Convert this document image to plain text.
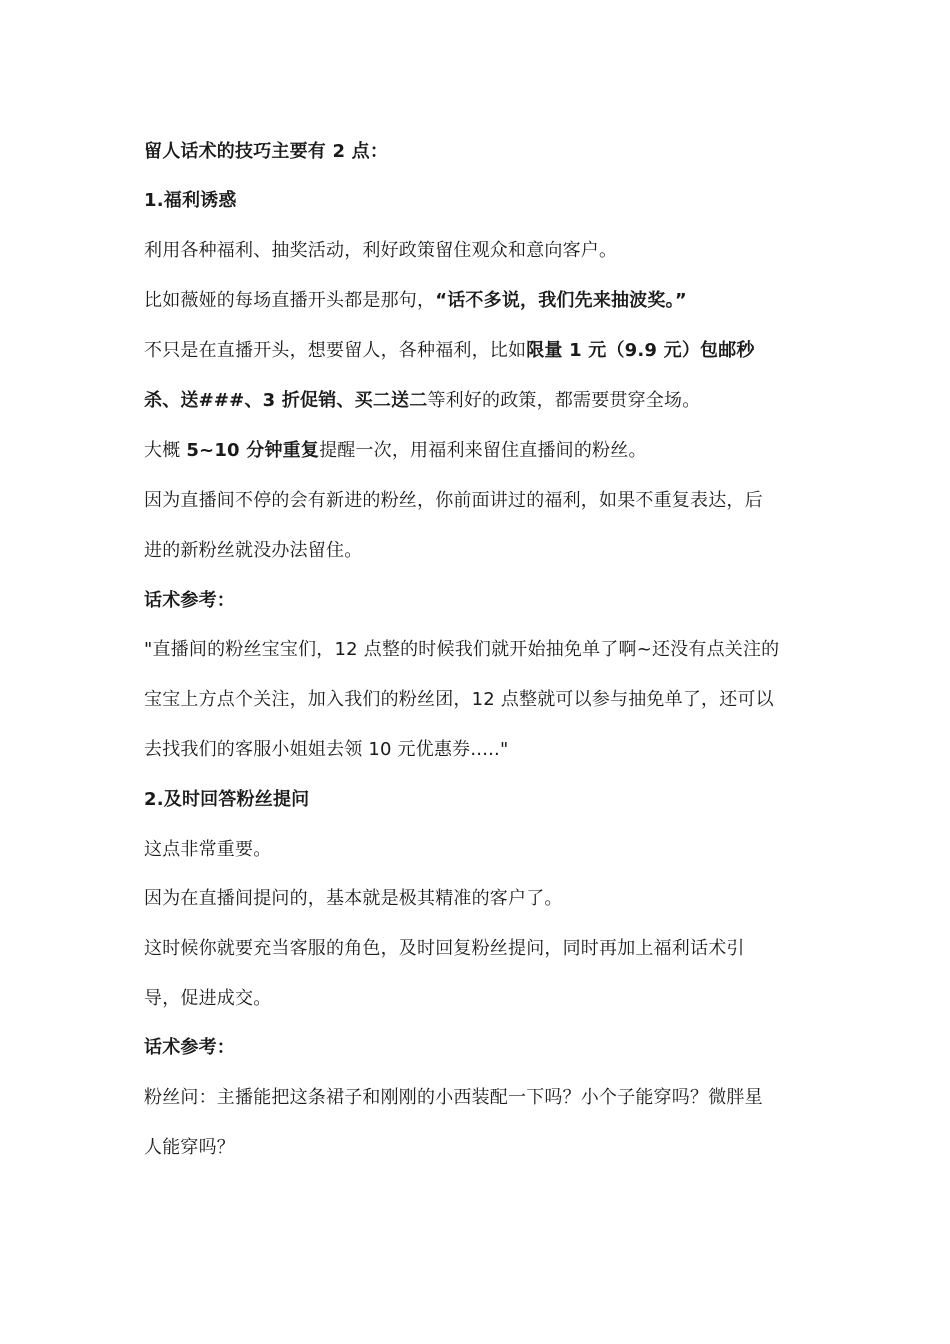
留人话术的技巧主要有 2 点：
1.福利诱惑
利用各种福利、抽奖活动，利好政策留住观众和意向客户。
比如薇娅的每场直播开头都是那句，“话不多说，我们先来抽波奖。”
不只是在直播开头，想要留人，各种福利，比如限量 1 元（9.9 元）包邮秒
杀、送###、3 折促销、买二送二等利好的政策，都需要贯穿全场。
大概 5~10 分钟重复提醒一次，用福利来留住直播间的粉丝。
因为直播间不停的会有新进的粉丝，你前面讲过的福利，如果不重复表达，后
进的新粉丝就没办法留住。
话术参考：
"直播间的粉丝宝宝们，12 点整的时候我们就开始抽免单了啊~还没有点关注的
宝宝上方点个关注，加入我们的粉丝团，12 点整就可以参与抽免单了，还可以
去找我们的客服小姐姐去领 10 元优惠券....."
2.及时回答粉丝提问
这点非常重要。
因为在直播间提问的，基本就是极其精准的客户了。
这时候你就要充当客服的角色，及时回复粉丝提问，同时再加上福利话术引
导，促进成交。
话术参考：
粉丝问：主播能把这条裙子和刚刚的小西装配一下吗？小个子能穿吗？微胖星
人能穿吗？
